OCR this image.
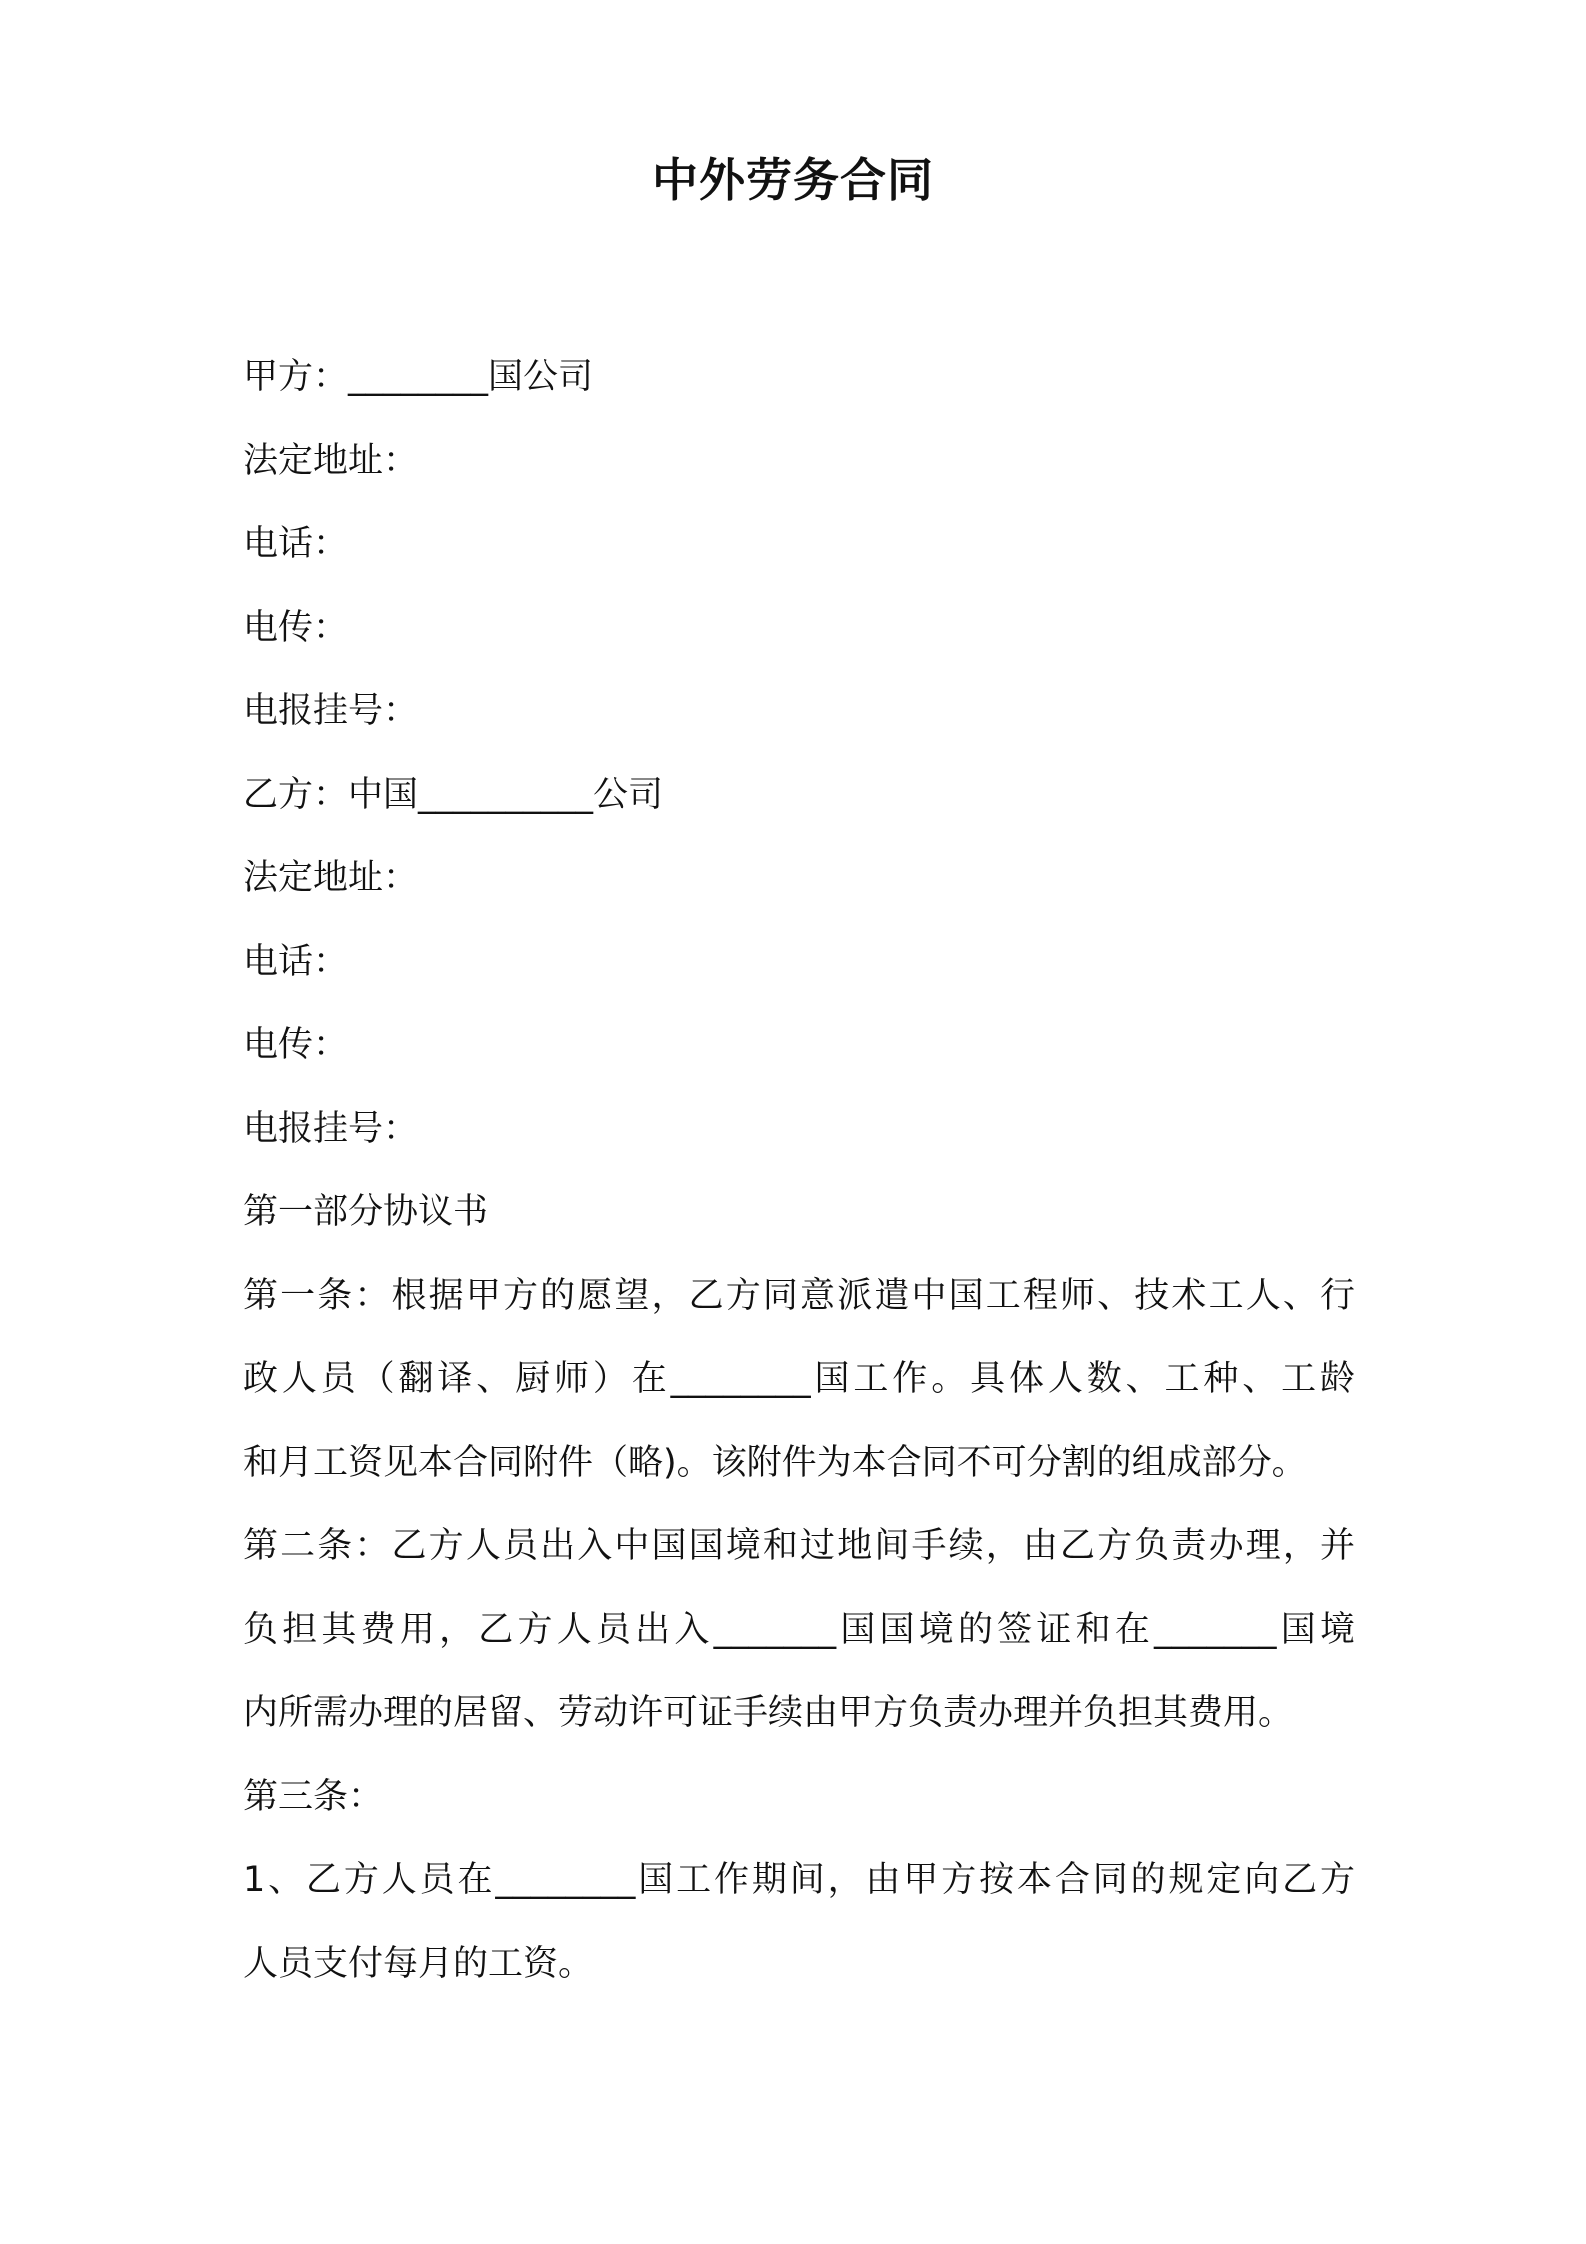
中外劳务合同
甲方：________国公司
法定地址：
电话：
电传：
电报挂号：
乙方：中国__________公司
法定地址：
电话：
电传：
电报挂号：
第一部分协议书
第一条：根据甲方的愿望，乙方同意派遣中国工程师、技术工人、行
政人员（翻译、厨师）在________国工作。具体人数、工种、工龄
和月工资见本合同附件（略)。该附件为本合同不可分割的组成部分。
第二条：乙方人员出入中国国境和过地间手续，由乙方负责办理，并
负担其费用，乙方人员出入_______国国境的签证和在_______国境
内所需办理的居留、劳动许可证手续由甲方负责办理并负担其费用。
第三条：
1、乙方人员在________国工作期间，由甲方按本合同的规定向乙方
人员支付每月的工资。
